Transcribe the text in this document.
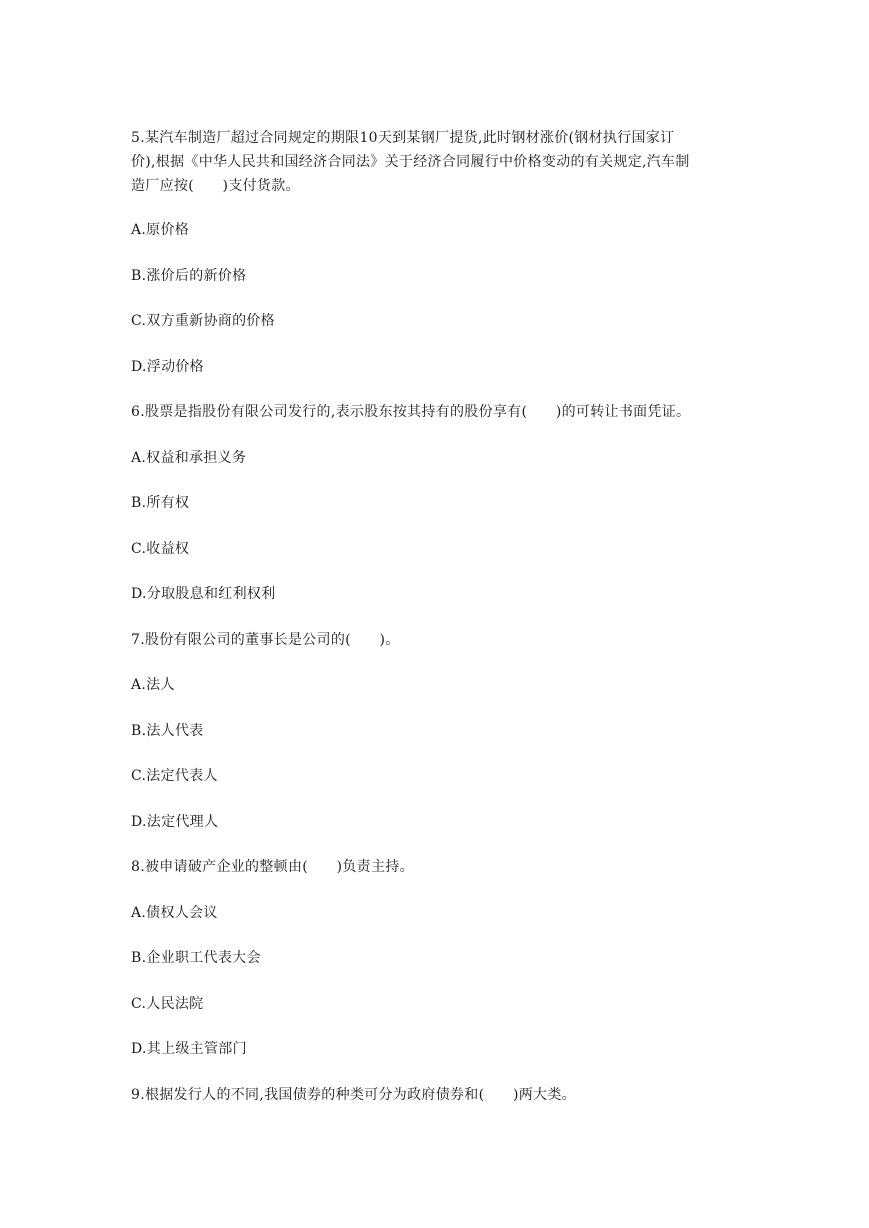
5.某汽车制造厂超过合同规定的期限10天到某钢厂提货,此时钢材涨价(钢材执行国家订
价),根据《中华人民共和国经济合同法》关于经济合同履行中价格变动的有关规定,汽车制
造厂应按(　　)支付货款。
A.原价格
B.涨价后的新价格
C.双方重新协商的价格
D.浮动价格
6.股票是指股份有限公司发行的,表示股东按其持有的股份享有(　　)的可转让书面凭证。
A.权益和承担义务
B.所有权
C.收益权
D.分取股息和红利权利
7.股份有限公司的董事长是公司的(　　)。
A.法人
B.法人代表
C.法定代表人
D.法定代理人
8.被申请破产企业的整顿由(　　)负责主持。
A.债权人会议
B.企业职工代表大会
C.人民法院
D.其上级主管部门
9.根据发行人的不同,我国债券的种类可分为政府债券和(　　)两大类。
